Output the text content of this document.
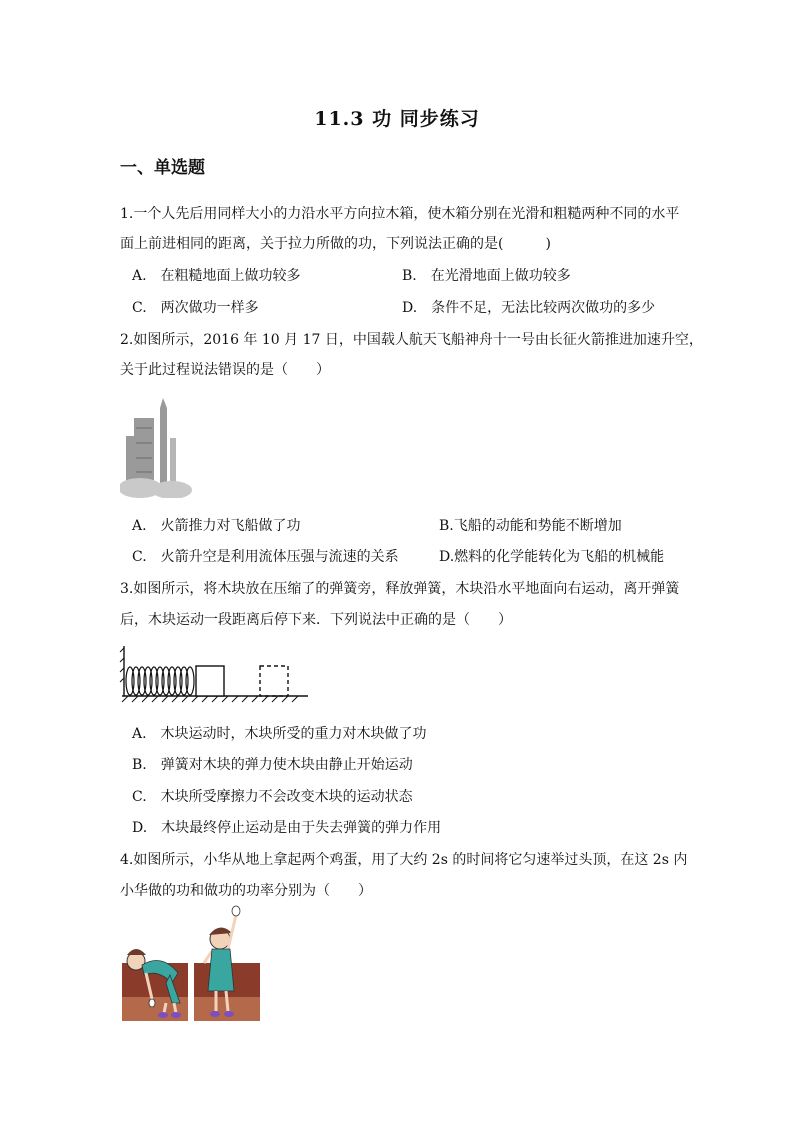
11.3 功 同步练习
一、单选题
1.一个人先后用同样大小的力沿水平方向拉木箱，使木箱分别在光滑和粗糙两种不同的水平
面上前进相同的距离，关于拉力所做的功，下列说法正确的是(　　　)
A.　在粗糙地面上做功较多	B.　在光滑地面上做功较多
C.　两次做功一样多	D.　条件不足，无法比较两次做功的多少
2.如图所示，2016 年 10 月 17 日，中国载人航天飞船神舟十一号由长征火箭推进加速升空，
关于此过程说法错误的是（　　）
A.　火箭推力对飞船做了功	B.飞船的动能和势能不断增加
C.　火箭升空是利用流体压强与流速的关系	D.燃料的化学能转化为飞船的机械能
3.如图所示，将木块放在压缩了的弹簧旁，释放弹簧，木块沿水平地面向右运动，离开弹簧
后，木块运动一段距离后停下来．下列说法中正确的是（　　）
A.　木块运动时，木块所受的重力对木块做了功
B.　弹簧对木块的弹力使木块由静止开始运动
C.　木块所受摩擦力不会改变木块的运动状态
D.　木块最终停止运动是由于失去弹簧的弹力作用
4.如图所示，小华从地上拿起两个鸡蛋，用了大约 2s 的时间将它匀速举过头顶，在这 2s 内
小华做的功和做功的功率分别为（　　）
